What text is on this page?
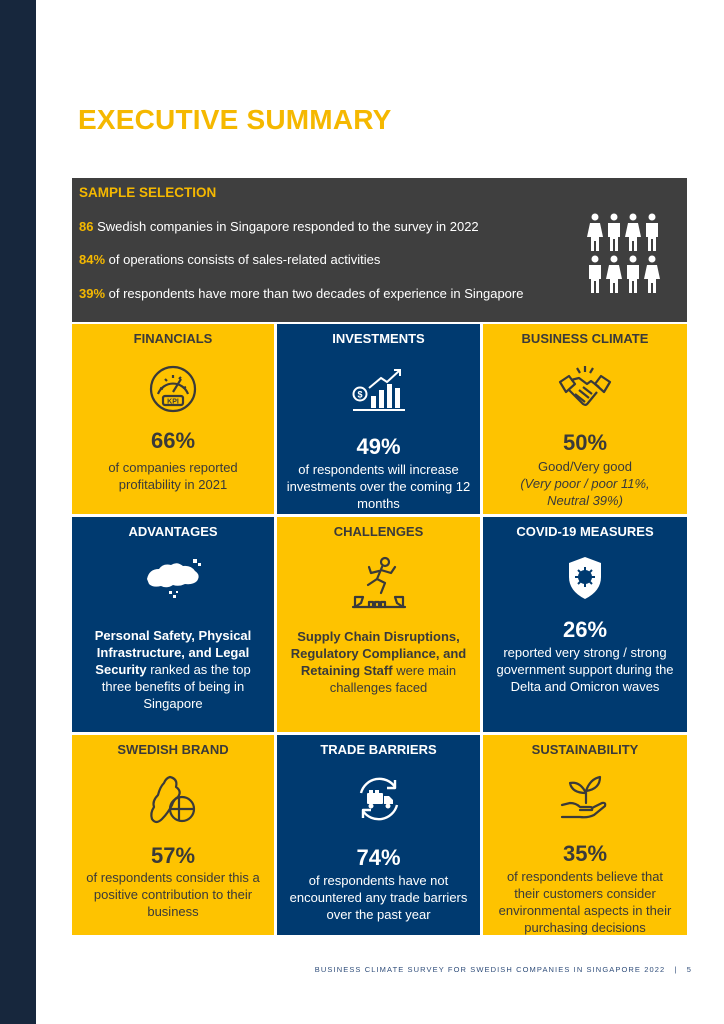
EXECUTIVE SUMMARY
SAMPLE SELECTION
86 Swedish companies in Singapore responded to the survey in 2022
84% of operations consists of sales-related activities
39% of respondents have more than two decades of experience in Singapore
FINANCIALS
KPI
66%
of companies reported profitability in 2021
INVESTMENTS
$
49%
of respondents will increase investments over the coming 12 months
BUSINESS CLIMATE
50%
Good/Very good
(Very poor / poor 11%, Neutral 39%)
ADVANTAGES
Personal Safety, Physical Infrastructure, and Legal Security ranked as the top three benefits of being in Singapore
CHALLENGES
Supply Chain Disruptions, Regulatory Compliance, and Retaining Staff were main challenges faced
COVID-19 MEASURES
26%
reported very strong / strong government support during the Delta and Omicron waves
SWEDISH BRAND
57%
of respondents consider this a positive contribution to their business
TRADE BARRIERS
74%
of respondents have not encountered any trade barriers over the past year
SUSTAINABILITY
35%
of respondents believe that their customers consider environmental aspects in their purchasing decisions
BUSINESS CLIMATE SURVEY FOR SWEDISH COMPANIES IN SINGAPORE 2022 | 5
